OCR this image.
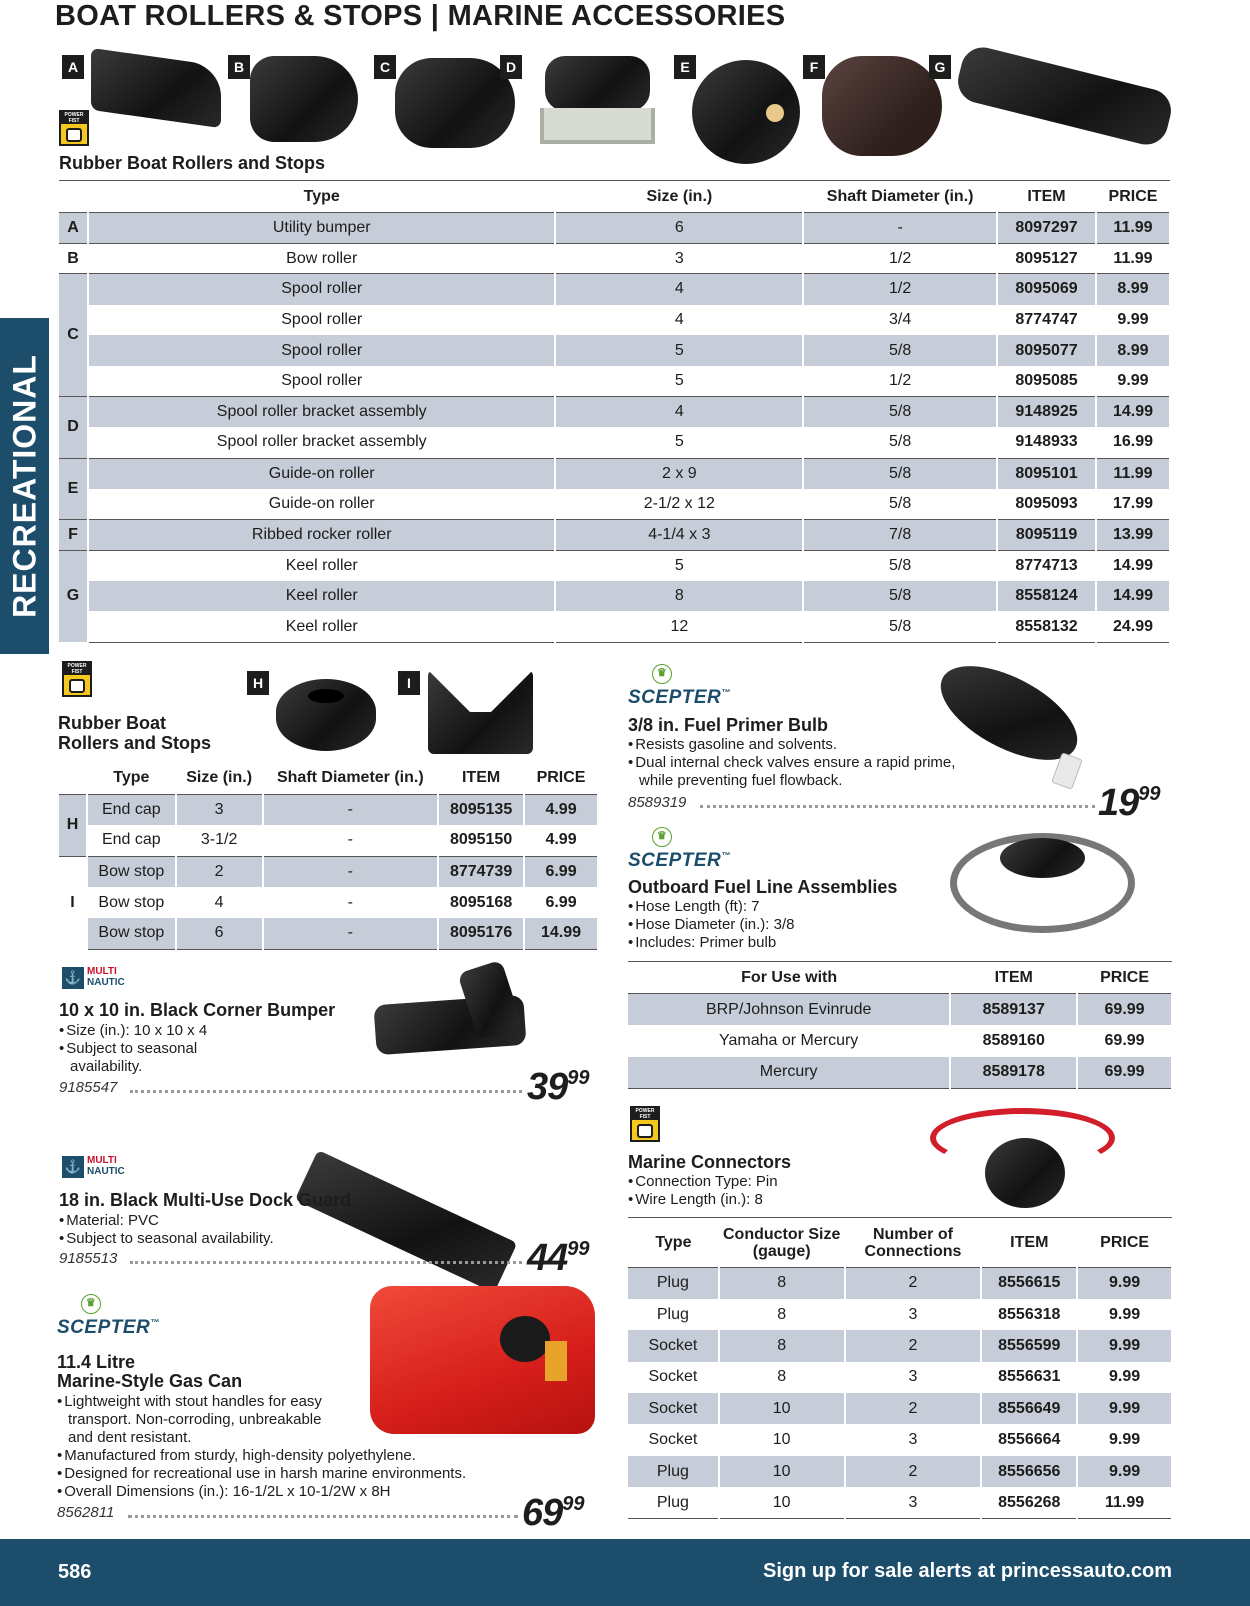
BOAT ROLLERS & STOPS | MARINE ACCESSORIES
RECREATIONAL
A	B	C	D	E	F	G
POWER FIST
Rubber Boat Rollers and Stops
	Type	Size (in.)	Shaft Diameter (in.)	ITEM	PRICE
A	Utility bumper	6	-	8097297	11.99
B	Bow roller	3	1/2	8095127	11.99
C	Spool roller	4	1/2	8095069	8.99
	Spool roller	4	3/4	8774747	9.99
	Spool roller	5	5/8	8095077	8.99
	Spool roller	5	1/2	8095085	9.99
D	Spool roller bracket assembly	4	5/8	9148925	14.99
	Spool roller bracket assembly	5	5/8	9148933	16.99
E	Guide-on roller	2 x 9	5/8	8095101	11.99
	Guide-on roller	2-1/2 x 12	5/8	8095093	17.99
F	Ribbed rocker roller	4-1/4 x 3	7/8	8095119	13.99
G	Keel roller	5	5/8	8774713	14.99
	Keel roller	8	5/8	8558124	14.99
	Keel roller	12	5/8	8558132	24.99
POWER FIST
H	I
Rubber Boat
Rollers and Stops
	Type	Size (in.)	Shaft Diameter (in.)	ITEM	PRICE
H	End cap	3	-	8095135	4.99
	End cap	3-1/2	-	8095150	4.99
I	Bow stop	2	-	8774739	6.99
	Bow stop	4	-	8095168	6.99
	Bow stop	6	-	8095176	14.99
⚓ MULTI
NAUTIC
10 x 10 in. Black Corner Bumper
• Size (in.): 10 x 10 x 4
• Subject to seasonal availability.
9185547	$39^{99}$
⚓ MULTI
NAUTIC
18 in. Black Multi-Use Dock Guard
• Material: PVC
• Subject to seasonal availability.
9185513	$44^{99}$
♛
SCEPTER™
11.4 Litre
Marine-Style Gas Can
• Lightweight with stout handles for easy transport. Non-corroding, unbreakable and dent resistant.
• Manufactured from sturdy, high-density polyethylene.
• Designed for recreational use in harsh marine environments.
• Overall Dimensions (in.): 16-1/2L x 10-1/2W x 8H
8562811	$69^{99}$
♛
SCEPTER™
3/8 in. Fuel Primer Bulb
• Resists gasoline and solvents.
• Dual internal check valves ensure a rapid prime, while preventing fuel flowback.
8589319	$19^{99}$
♛
SCEPTER™
Outboard Fuel Line Assemblies
• Hose Length (ft): 7
• Hose Diameter (in.): 3/8
• Includes: Primer bulb
For Use with	ITEM	PRICE
BRP/Johnson Evinrude	8589137	69.99
Yamaha or Mercury	8589160	69.99
Mercury	8589178	69.99
POWER FIST
Marine Connectors
• Connection Type: Pin
• Wire Length (in.): 8
Type	Conductor Size (gauge)	Number of Connections	ITEM	PRICE
Plug	8	2	8556615	9.99
Plug	8	3	8556318	9.99
Socket	8	2	8556599	9.99
Socket	8	3	8556631	9.99
Socket	10	2	8556649	9.99
Socket	10	3	8556664	9.99
Plug	10	2	8556656	9.99
Plug	10	3	8556268	11.99
586	Sign up for sale alerts at princessauto.com
